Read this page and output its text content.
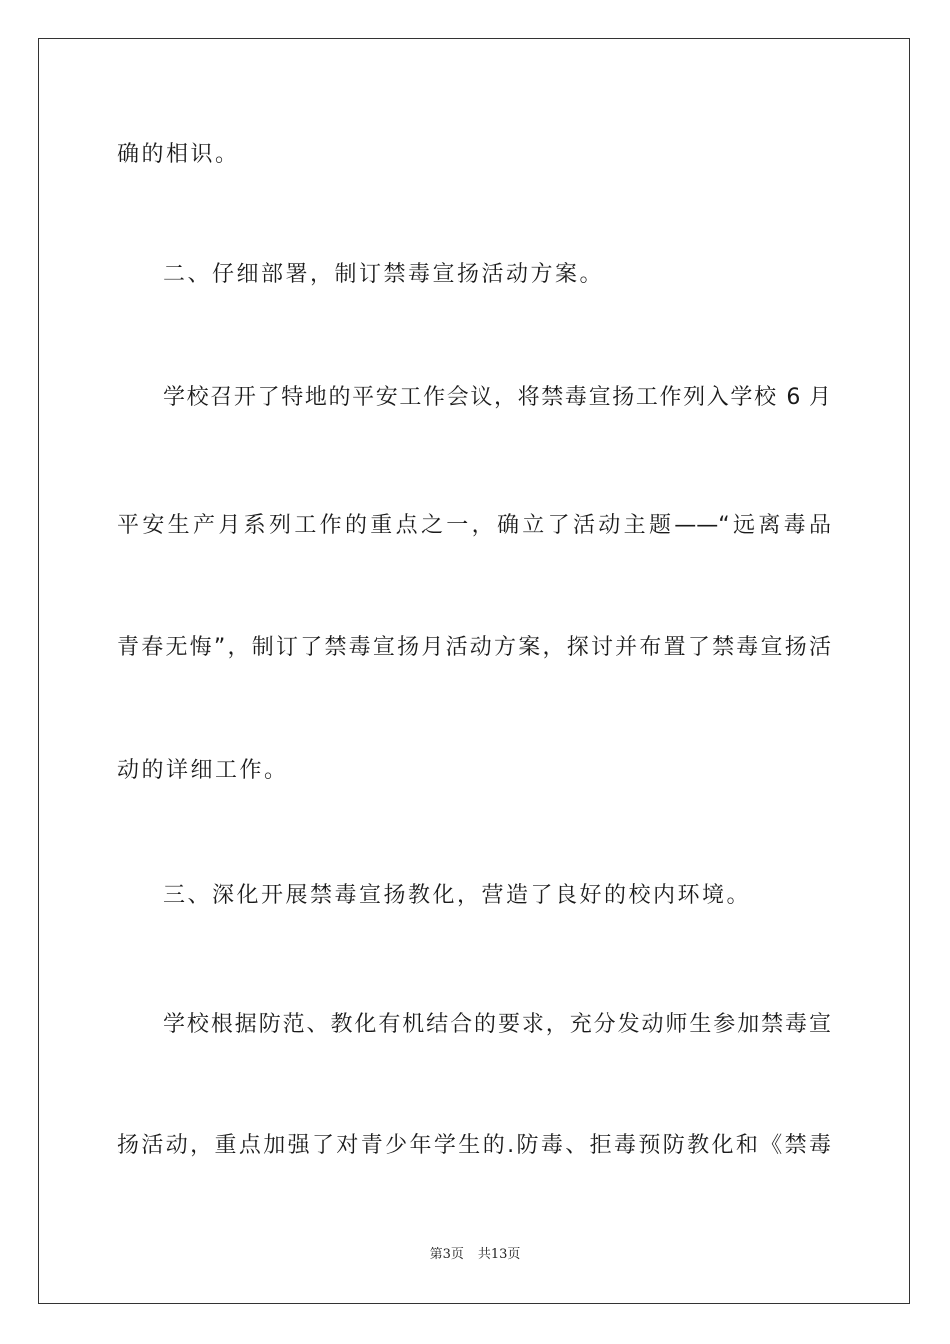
确的相识。
二、仔细部署，制订禁毒宣扬活动方案。
学校召开了特地的平安工作会议，将禁毒宣扬工作列入学校 6 月
平安生产月系列工作的重点之一，确立了活动主题——“远离毒品
青春无悔”，制订了禁毒宣扬月活动方案，探讨并布置了禁毒宣扬活
动的详细工作。
三、深化开展禁毒宣扬教化，营造了良好的校内环境。
学校根据防范、教化有机结合的要求，充分发动师生参加禁毒宣
扬活动，重点加强了对青少年学生的.防毒、拒毒预防教化和《禁毒
第3页 共13页
